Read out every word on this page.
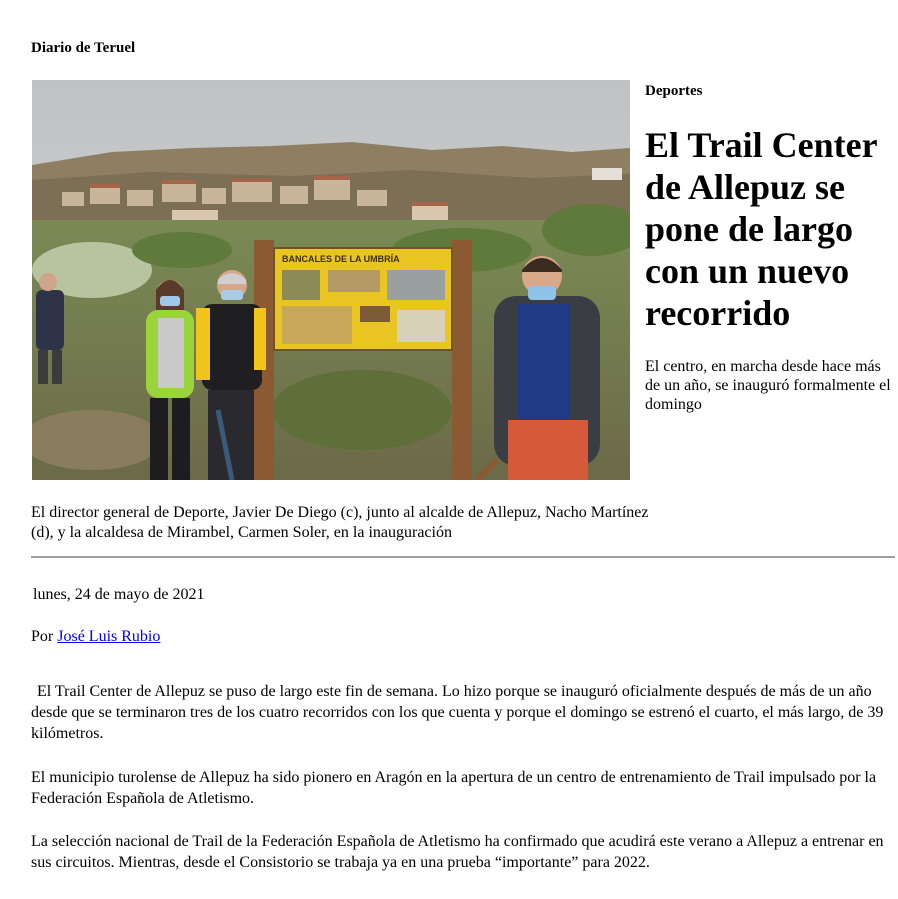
Diario de Teruel
BANCALES DE LA UMBRÍA
Deportes
El Trail Center de Allepuz se pone de largo con un nuevo recorrido
El centro, en marcha desde hace más de un año, se inauguró formalmente el domingo
El director general de Deporte, Javier De Diego (c), junto al alcalde de Allepuz, Nacho Martínez (d), y la alcaldesa de Mirambel, Carmen Soler, en la inauguración
lunes, 24 de mayo de 2021
Por José Luis Rubio

El Trail Center de Allepuz se puso de largo este fin de semana. Lo hizo porque se inauguró oficialmente después de más de un año desde que se terminaron tres de los cuatro recorridos con los que cuenta y porque el domingo se estrenó el cuarto, el más largo, de 39 kilómetros.

El municipio turolense de Allepuz ha sido pionero en Aragón en la apertura de un centro de entrenamiento de Trail impulsado por la Federación Española de Atletismo.

La selección nacional de Trail de la Federación Española de Atletismo ha confirmado que acudirá este verano a Allepuz a entrenar en sus circuitos. Mientras, desde el Consistorio se trabaja ya en una prueba “importante” para 2022.
